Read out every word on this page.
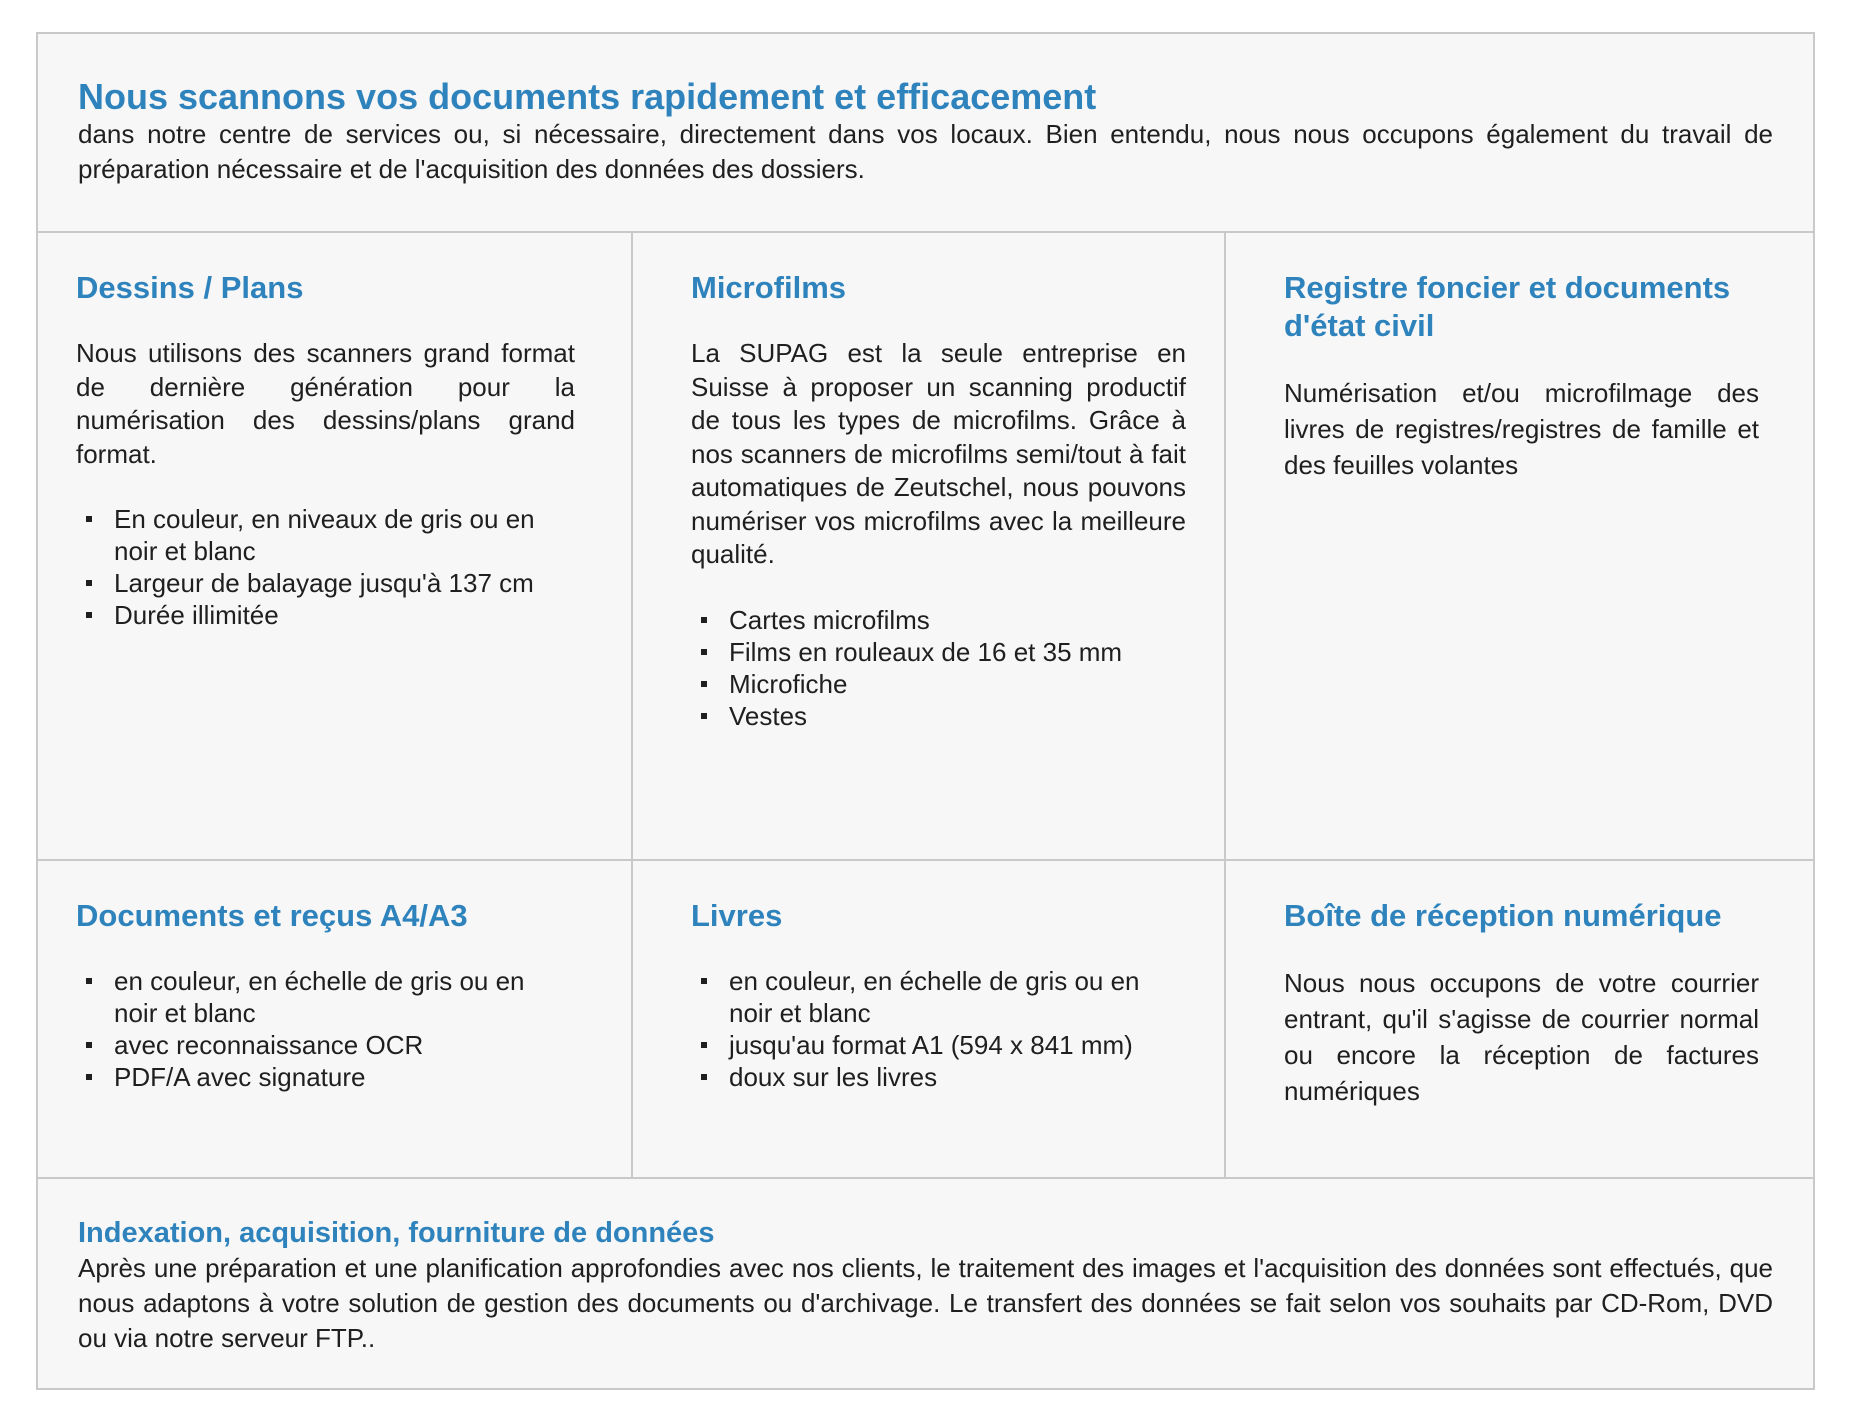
Nous scannons vos documents rapidement et efficacement

dans notre centre de services ou, si nécessaire, directement dans vos locaux. Bien entendu, nous nous occupons également du travail de préparation nécessaire et de l'acquisition des données des dossiers.

Dessins / Plans

Nous utilisons des scanners grand format de dernière génération pour la numérisation des dessins/plans grand format.

En couleur, en niveaux de gris ou en noir et blanc
Largeur de balayage jusqu'à 137 cm
Durée illimitée
Microfilms

La SUPAG est la seule entreprise en Suisse à proposer un scanning productif de tous les types de microfilms. Grâce à nos scanners de microfilms semi/tout à fait automatiques de Zeutschel, nous pouvons numériser vos microfilms avec la meilleure qualité.

Cartes microfilms
Films en rouleaux de 16 et 35 mm
Microfiche
Vestes
Registre foncier et documents d'état civil

Numérisation et/ou microfilmage des livres de registres/registres de famille et des feuilles volantes

Documents et reçus A4/A3
en couleur, en échelle de gris ou en noir et blanc
avec reconnaissance OCR
PDF/A avec signature
Livres
en couleur, en échelle de gris ou en noir et blanc
jusqu'au format A1 (594 x 841 mm)
doux sur les livres
Boîte de réception numérique

Nous nous occupons de votre courrier entrant, qu'il s'agisse de courrier normal ou encore la réception de factures numériques

Indexation, acquisition, fourniture de données

Après une préparation et une planification approfondies avec nos clients, le traitement des images et l'acquisition des données sont effectués, que nous adaptons à votre solution de gestion des documents ou d'archivage. Le transfert des données se fait selon vos souhaits par CD-Rom, DVD ou via notre serveur FTP..
